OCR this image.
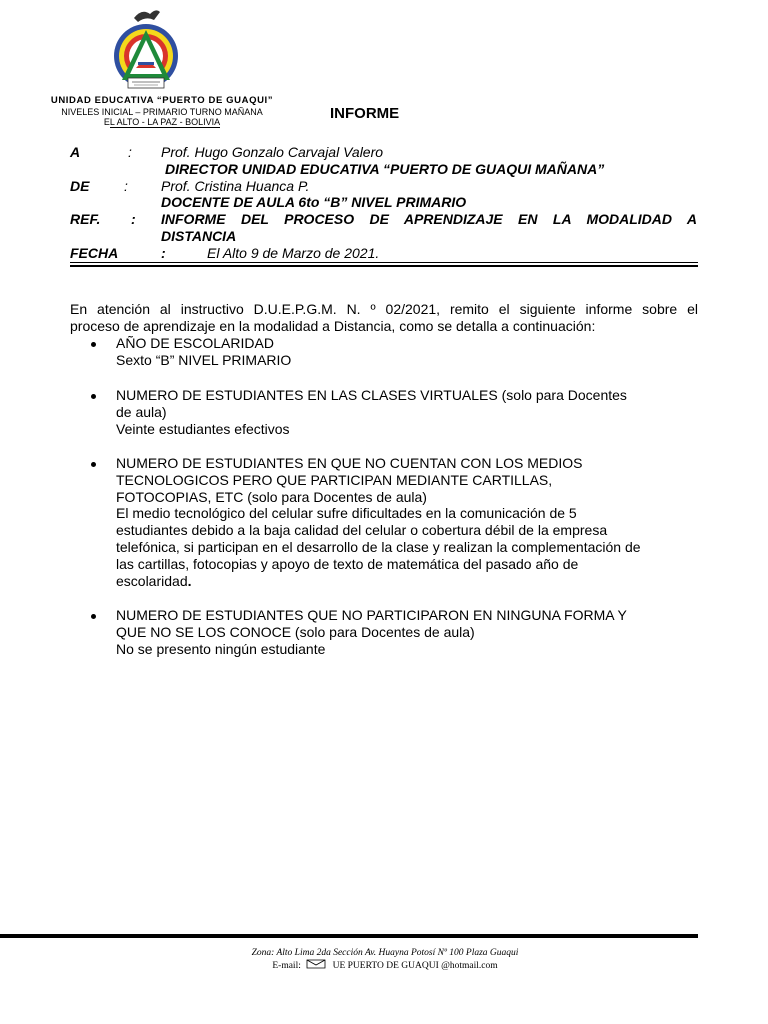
UNIDAD EDUCATIVA “PUERTO DE GUAQUI”
NIVELES INICIAL – PRIMARIO TURNO MAÑANA
EL ALTO - LA PAZ - BOLIVIA	INFORME
A	: Prof. Hugo Gonzalo Carvajal Valero
DIRECTOR UNIDAD EDUCATIVA “PUERTO DE GUAQUI MAÑANA”
DE : Prof. Cristina Huanca P.
DOCENTE DE AULA 6to “B” NIVEL PRIMARIO
REF. : INFORME DEL PROCESO DE APRENDIZAJE EN LA MODALIDAD A
DISTANCIA
FECHA	:	El Alto 9 de Marzo de 2021.
En atención al instructivo D.U.E.P.G.M. N. º 02/2021, remito el siguiente informe sobre el
proceso de aprendizaje en la modalidad a Distancia, como se detalla a continuación:
AÑO DE ESCOLARIDAD
Sexto “B” NIVEL PRIMARIO
NUMERO DE ESTUDIANTES EN LAS CLASES VIRTUALES (solo para Docentes
de aula)
Veinte estudiantes efectivos
NUMERO DE ESTUDIANTES EN QUE NO CUENTAN CON LOS MEDIOS
TECNOLOGICOS PERO QUE PARTICIPAN MEDIANTE CARTILLAS,
FOTOCOPIAS, ETC (solo para Docentes de aula)
El medio tecnológico del celular sufre dificultades en la comunicación de 5
estudiantes debido a la baja calidad del celular o cobertura débil de la empresa
telefónica, si participan en el desarrollo de la clase y realizan la complementación de
las cartillas, fotocopias y apoyo de texto de matemática del pasado año de
escolaridad.
NUMERO DE ESTUDIANTES QUE NO PARTICIPARON EN NINGUNA FORMA Y
QUE NO SE LOS CONOCE (solo para Docentes de aula)
No se presento ningún estudiante
Zona: Alto Lima 2da Sección Av. Huayna Potosí Nº 100 Plaza Guaqui
E-mail:	UE PUERTO DE GUAQUI @hotmail.com
